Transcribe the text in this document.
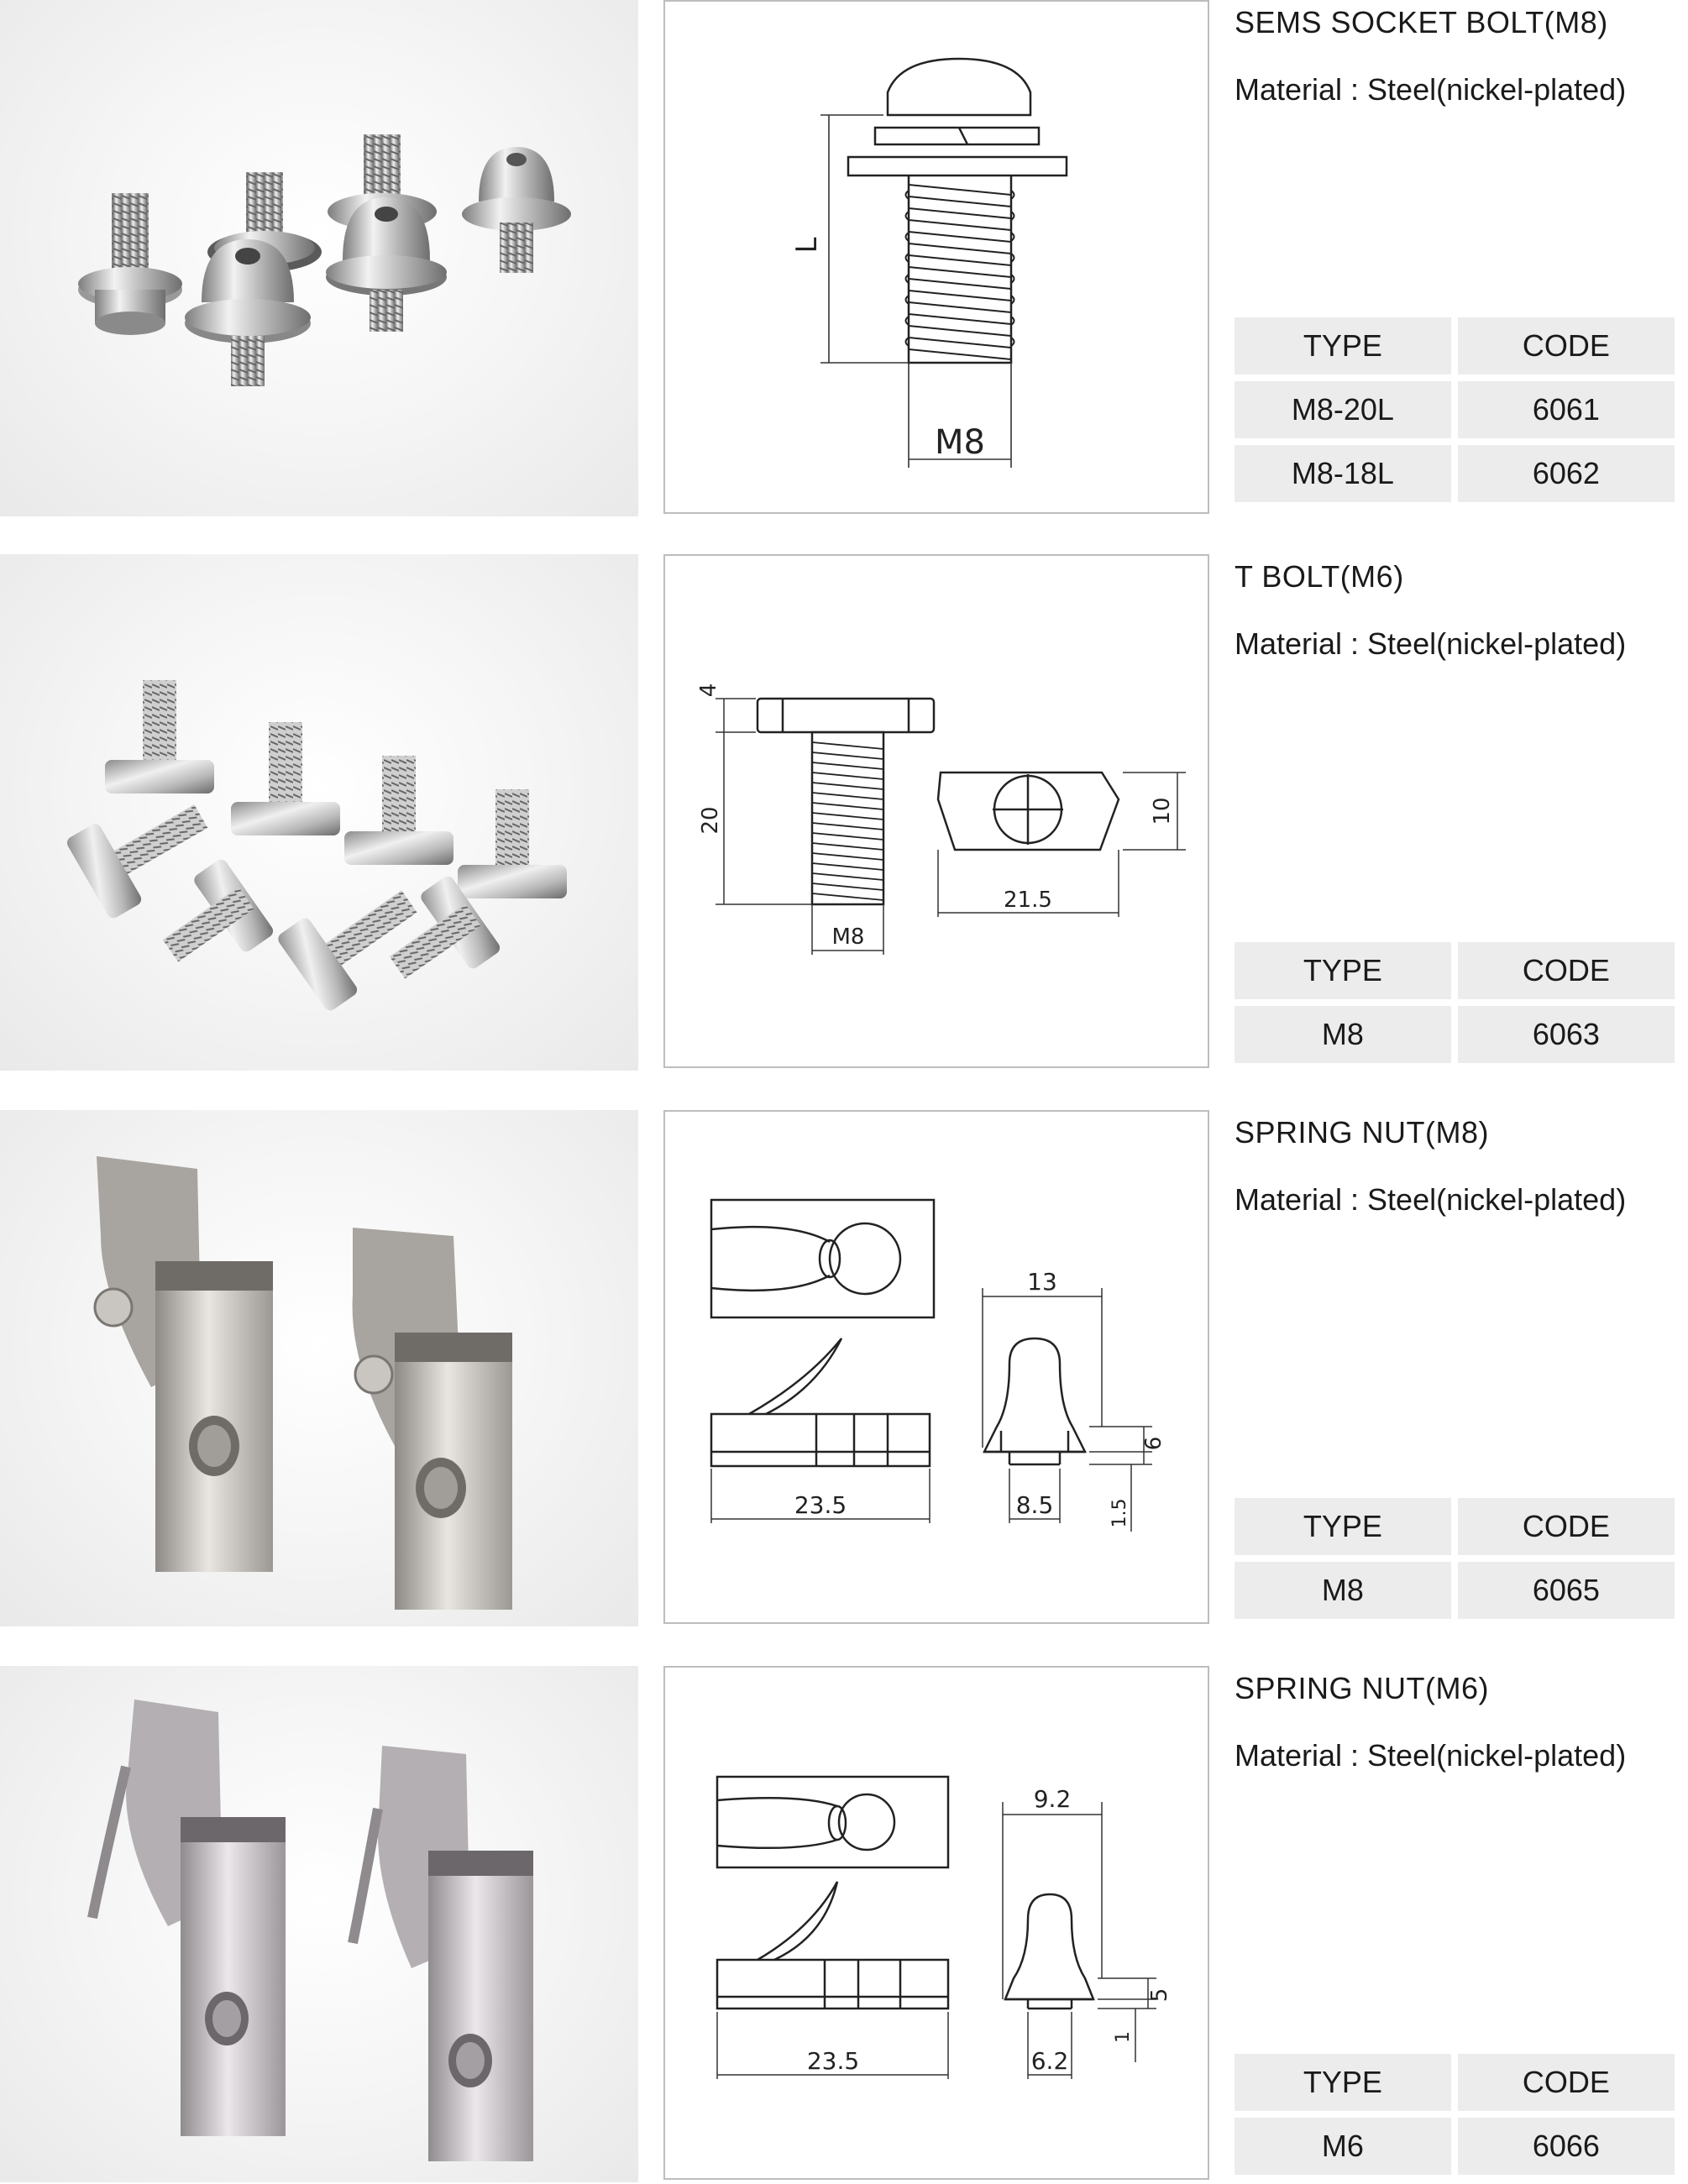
L
M8
SEMS SOCKET BOLT(M8)
Material : Steel(nickel-plated)
TYPE	CODE
M8-20L	6061
M8-18L	6062
4
20
M8
21.5
10
T BOLT(M6)
Material : Steel(nickel-plated)
TYPE	CODE
M8	6063
23.5
13
8.5
6
1.5
SPRING NUT(M8)
Material : Steel(nickel-plated)
TYPE	CODE
M8	6065
23.5
9.2
6.2
5
1
SPRING NUT(M6)
Material : Steel(nickel-plated)
TYPE	CODE
M6	6066
